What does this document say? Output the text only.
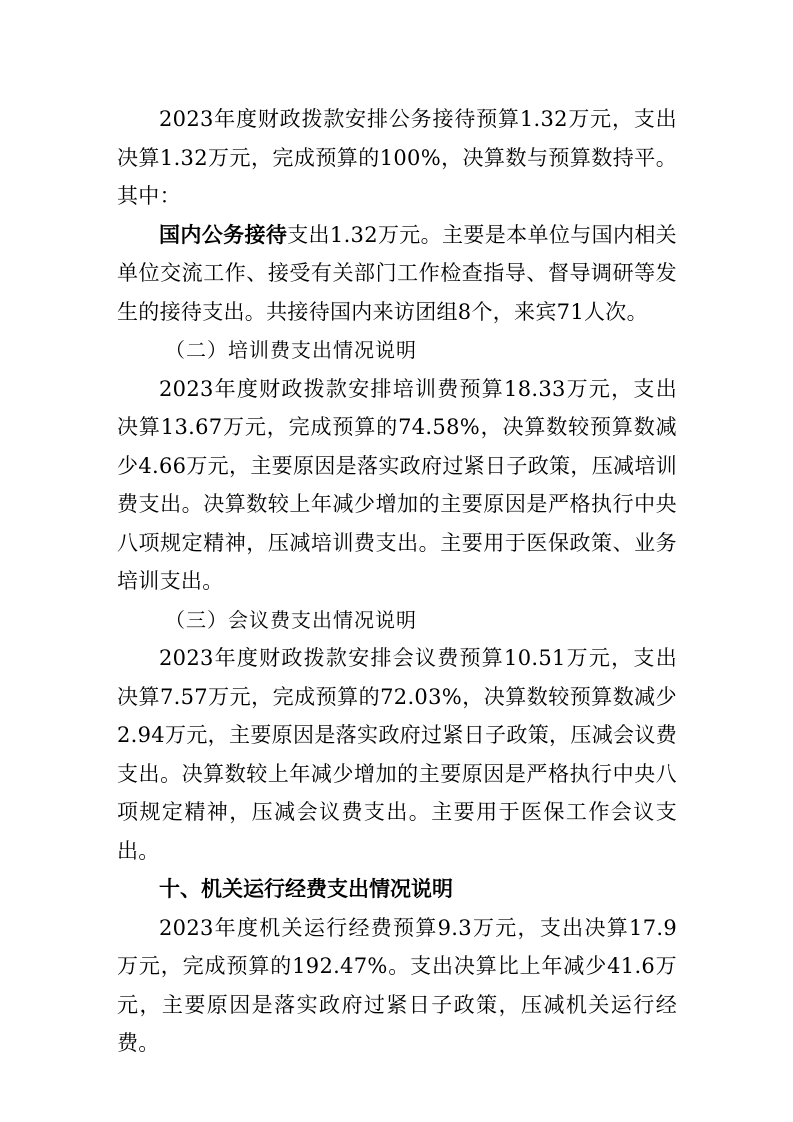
2023年度财政拨款安排公务接待预算1.32万元，支出决算1.32万元，完成预算的100%，决算数与预算数持平。其中：

国内公务接待支出1.32万元。主要是本单位与国内相关单位交流工作、接受有关部门工作检查指导、督导调研等发生的接待支出。共接待国内来访团组8个，来宾71人次。

（二）培训费支出情况说明

2023年度财政拨款安排培训费预算18.33万元，支出决算13.67万元，完成预算的74.58%，决算数较预算数减少4.66万元，主要原因是落实政府过紧日子政策，压减培训费支出。决算数较上年减少增加的主要原因是严格执行中央八项规定精神，压减培训费支出。主要用于医保政策、业务培训支出。

（三）会议费支出情况说明

2023年度财政拨款安排会议费预算10.51万元，支出决算7.57万元，完成预算的72.03%，决算数较预算数减少2.94万元，主要原因是落实政府过紧日子政策，压减会议费支出。决算数较上年减少增加的主要原因是严格执行中央八项规定精神，压减会议费支出。主要用于医保工作会议支出。

十、机关运行经费支出情况说明

2023年度机关运行经费预算9.3万元，支出决算17.9万元，完成预算的192.47%。支出决算比上年减少41.6万元，主要原因是落实政府过紧日子政策，压减机关运行经费。
